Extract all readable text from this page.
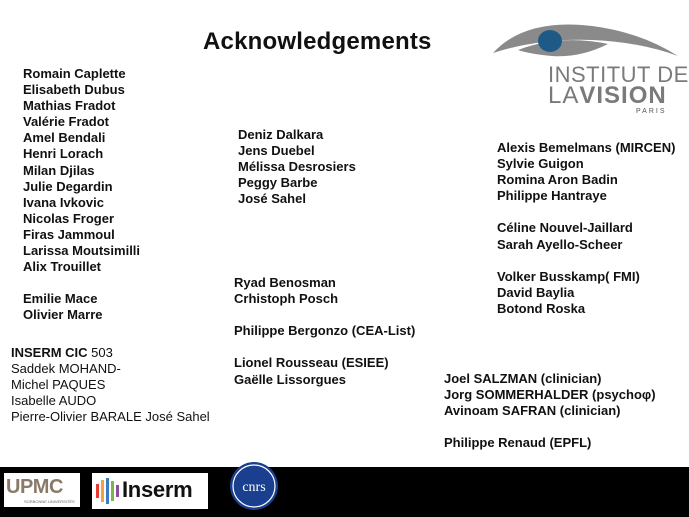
Acknowledgements
INSTITUT DE
LAVISION
PARIS
Romain Caplette
Elisabeth Dubus
Mathias Fradot
Valérie Fradot
Amel Bendali
Henri Lorach
Milan Djilas
Julie Degardin
Ivana Ivkovic
Nicolas Froger
Firas Jammoul
Larissa Moutsimilli
Alix Trouillet
Emilie Mace
Olivier Marre
Deniz Dalkara
Jens Duebel
Mélissa Desrosiers
Peggy Barbe
José Sahel
Alexis Bemelmans (MIRCEN)
Sylvie Guigon
Romina Aron Badin
Philippe Hantraye
Céline Nouvel-Jaillard
Sarah Ayello-Scheer
Volker Busskamp( FMI)
David Baylia
Botond Roska
Ryad Benosman
Crhistoph Posch
Philippe Bergonzo (CEA-List)
Lionel Rousseau (ESIEE)
Gaëlle Lissorgues	Joel SALZMAN (clinician)
Jorg SOMMERHALDER (psychoφ)
Avinoam SAFRAN (clinician)
Philippe Renaud (EPFL)
INSERM CIC 503
Saddek MOHAND-
Michel PAQUES
Isabelle AUDO
Pierre-Olivier BARALE José Sahel
UPMC
SORBONNE UNIVERSITÉS Inserm	cnrs
